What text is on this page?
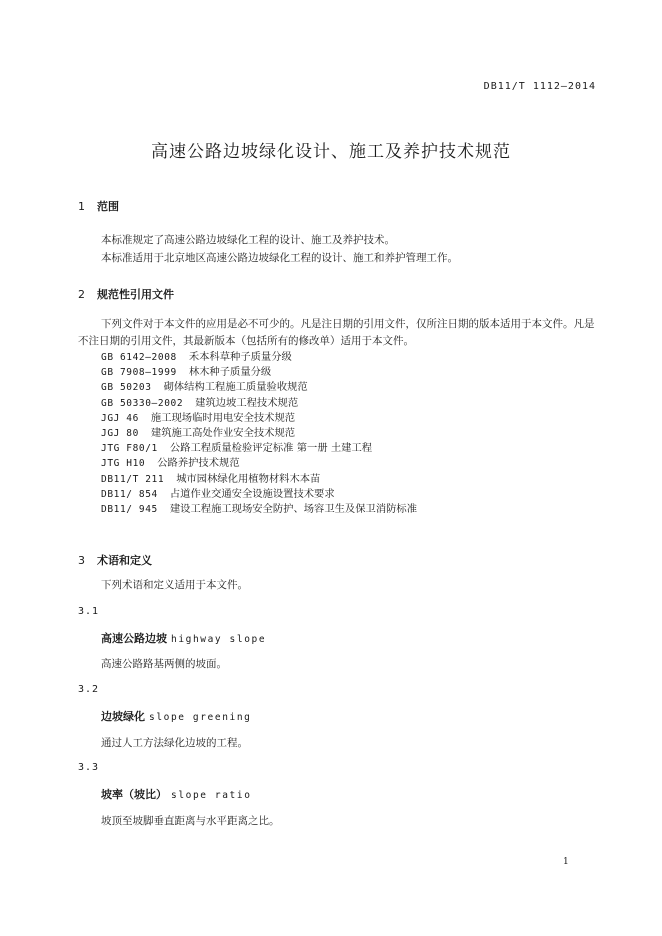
DB11/T 1112—2014
高速公路边坡绿化设计、施工及养护技术规范
1 范围
本标准规定了高速公路边坡绿化工程的设计、施工及养护技术。
本标准适用于北京地区高速公路边坡绿化工程的设计、施工和养护管理工作。
2 规范性引用文件
下列文件对于本文件的应用是必不可少的。凡是注日期的引用文件，仅所注日期的版本适用于本文件。凡是不注日期的引用文件，其最新版本（包括所有的修改单）适用于本文件。
GB 6142—2008 禾本科草种子质量分级
GB 7908—1999 林木种子质量分级
GB 50203 砌体结构工程施工质量验收规范
GB 50330—2002 建筑边坡工程技术规范
JGJ 46 施工现场临时用电安全技术规范
JGJ 80 建筑施工高处作业安全技术规范
JTG F80/1 公路工程质量检验评定标准 第一册 土建工程
JTG H10 公路养护技术规范
DB11/T 211 城市园林绿化用植物材料木本苗
DB11/ 854 占道作业交通安全设施设置技术要求
DB11/ 945 建设工程施工现场安全防护、场容卫生及保卫消防标准
3 术语和定义
下列术语和定义适用于本文件。
3.1
高速公路边坡 highway slope
高速公路路基两侧的坡面。
3.2
边坡绿化 slope greening
通过人工方法绿化边坡的工程。
3.3
坡率（坡比） slope ratio
坡顶至坡脚垂直距离与水平距离之比。
1
